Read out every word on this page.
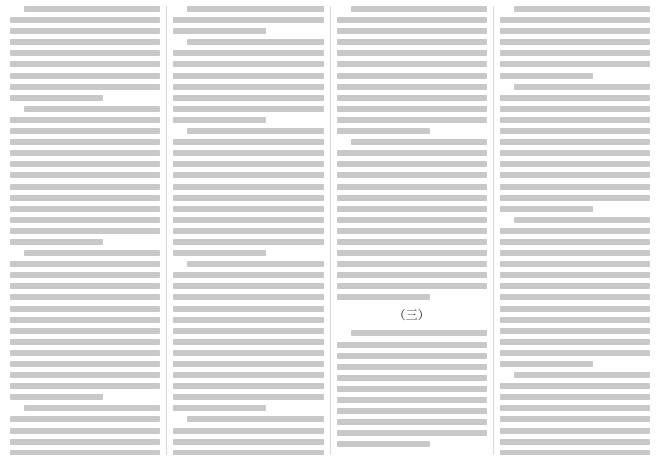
（三）
